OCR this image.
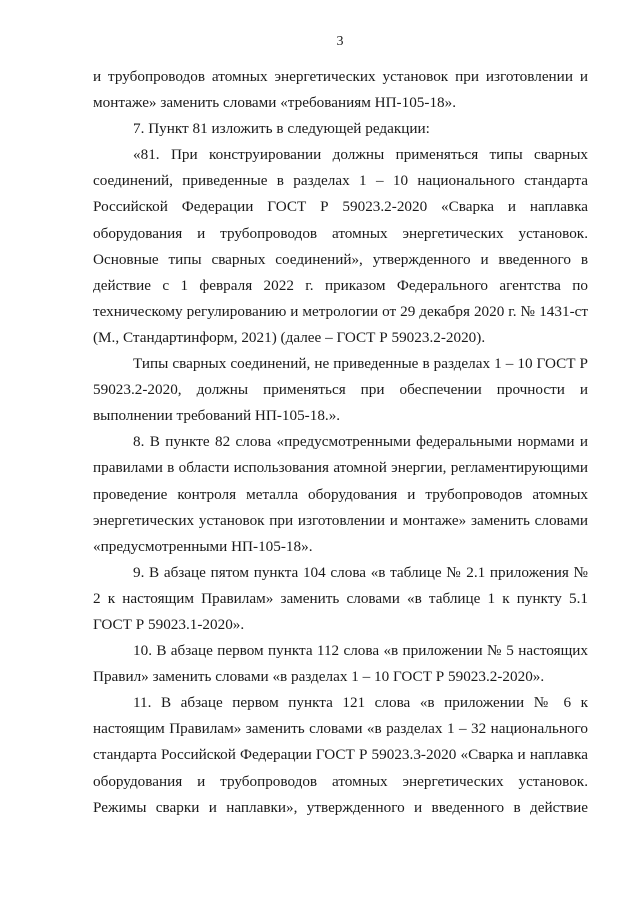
3

и трубопроводов атомных энергетических установок при изготовлении и монтаже» заменить словами «требованиям НП-105-18».

7. Пункт 81 изложить в следующей редакции:

«81. При конструировании должны применяться типы сварных соединений, приведенные в разделах 1 – 10 национального стандарта Российской Федерации ГОСТ Р 59023.2-2020 «Сварка и наплавка оборудования и трубопроводов атомных энергетических установок. Основные типы сварных соединений», утвержденного и введенного в действие с 1 февраля 2022 г. приказом Федерального агентства по техническому регулированию и метрологии от 29 декабря 2020 г. № 1431-ст (М., Стандартинформ, 2021) (далее – ГОСТ Р 59023.2-2020).

Типы сварных соединений, не приведенные в разделах 1 – 10 ГОСТ Р 59023.2-2020, должны применяться при обеспечении прочности и выполнении требований НП-105-18.».

8. В пункте 82 слова «предусмотренными федеральными нормами и правилами в области использования атомной энергии, регламентирующими проведение контроля металла оборудования и трубопроводов атомных энергетических установок при изготовлении и монтаже» заменить словами «предусмотренными НП-105-18».

9. В абзаце пятом пункта 104 слова «в таблице № 2.1 приложения № 2 к настоящим Правилам» заменить словами «в таблице 1 к пункту 5.1 ГОСТ Р 59023.1-2020».

10. В абзаце первом пункта 112 слова «в приложении № 5 настоящих Правил» заменить словами «в разделах 1 – 10 ГОСТ Р 59023.2-2020».

11. В абзаце первом пункта 121 слова «в приложении № 6 к настоящим Правилам» заменить словами «в разделах 1 – 32 национального стандарта Российской Федерации ГОСТ Р 59023.3-2020 «Сварка и наплавка оборудования и трубопроводов атомных энергетических установок. Режимы сварки и наплавки», утвержденного и введенного в действие
